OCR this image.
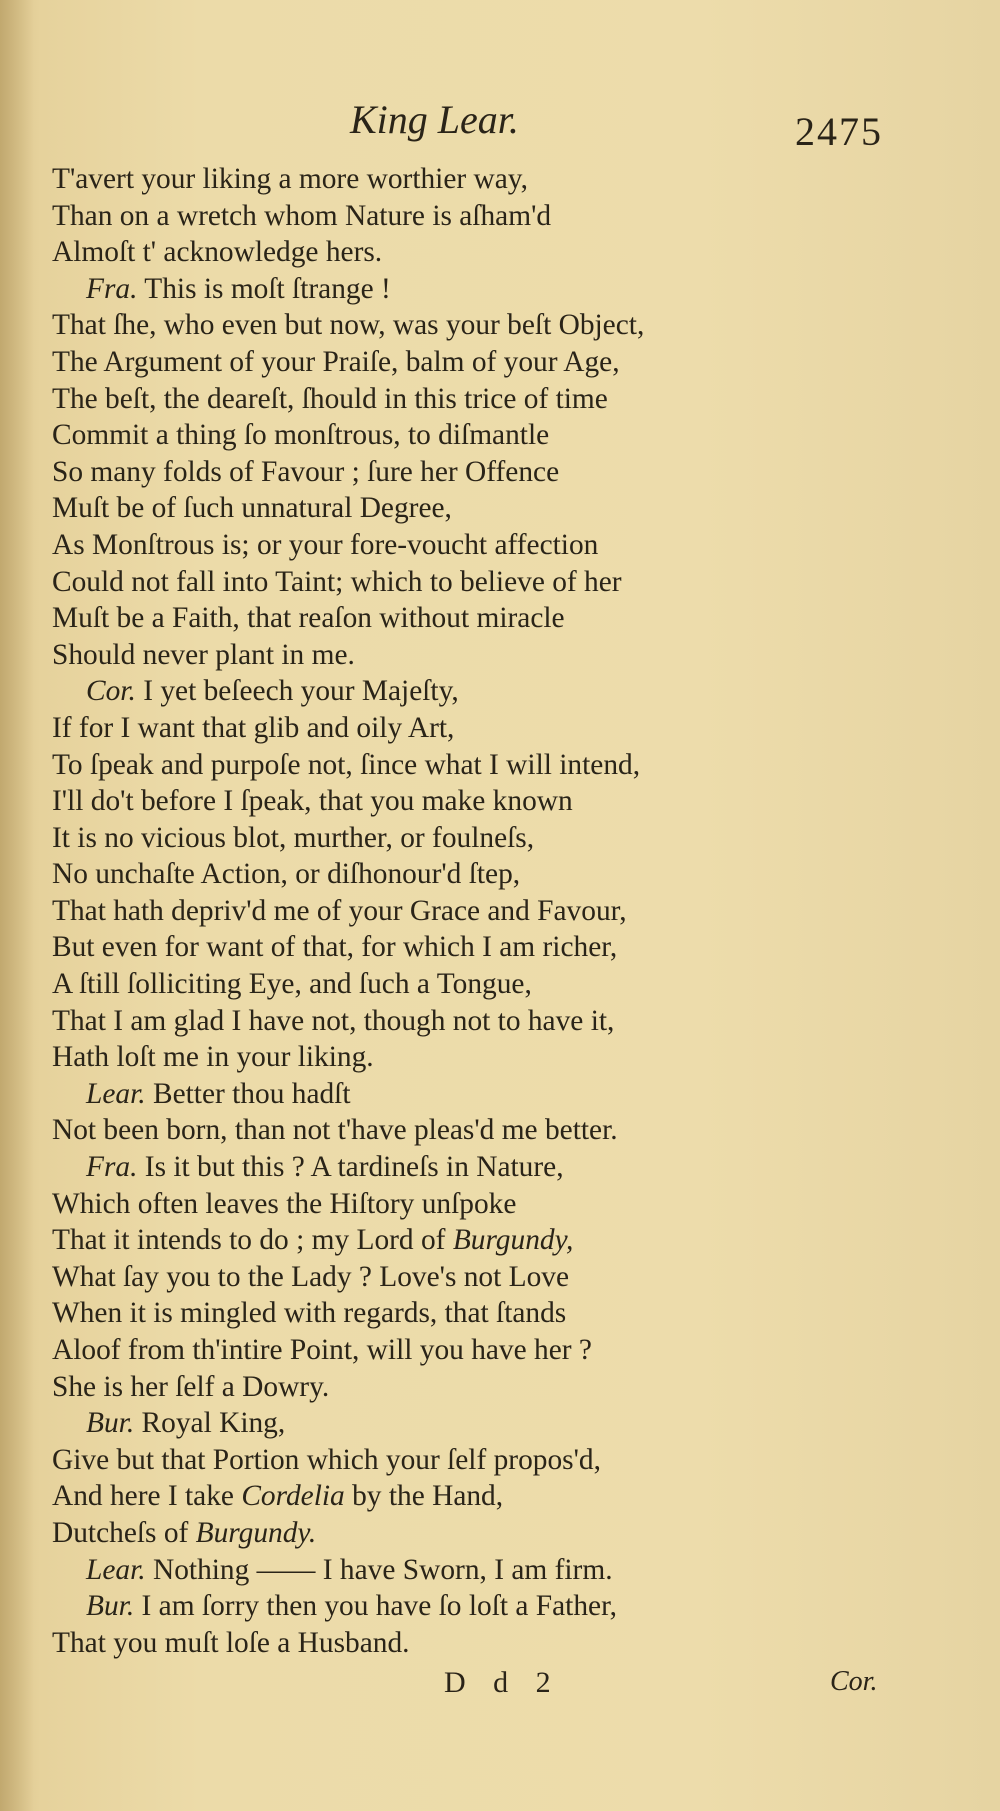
King Lear.	2475
T'avert your liking a more worthier way,
Than on a wretch whom Nature is aſham'd
Almoſt t' acknowledge hers.
Fra. This is moſt ſtrange !
That ſhe, who even but now, was your beſt Object,
The Argument of your Praiſe, balm of your Age,
The beſt, the deareſt, ſhould in this trice of time
Commit a thing ſo monſtrous, to diſmantle
So many folds of Favour ; ſure her Offence
Muſt be of ſuch unnatural Degree,
As Monſtrous is; or your fore-voucht affection
Could not fall into Taint; which to believe of her
Muſt be a Faith, that reaſon without miracle
Should never plant in me.
Cor. I yet beſeech your Majeſty,
If for I want that glib and oily Art,
To ſpeak and purpoſe not, ſince what I will intend,
I'll do't before I ſpeak, that you make known
It is no vicious blot, murther, or foulneſs,
No unchaſte Action, or diſhonour'd ſtep,
That hath depriv'd me of your Grace and Favour,
But even for want of that, for which I am richer,
A ſtill ſolliciting Eye, and ſuch a Tongue,
That I am glad I have not, though not to have it,
Hath loſt me in your liking.
Lear. Better thou hadſt
Not been born, than not t'have pleas'd me better.
Fra. Is it but this ? A tardineſs in Nature,
Which often leaves the Hiſtory unſpoke
That it intends to do ; my Lord of Burgundy,
What ſay you to the Lady ? Love's not Love
When it is mingled with regards, that ſtands
Aloof from th'intire Point, will you have her ?
She is her ſelf a Dowry.
Bur. Royal King,
Give but that Portion which your ſelf propos'd,
And here I take Cordelia by the Hand,
Dutcheſs of Burgundy.
Lear. Nothing —— I have Sworn, I am firm.
Bur. I am ſorry then you have ſo loſt a Father,
That you muſt loſe a Husband.
D d 2	Cor.
